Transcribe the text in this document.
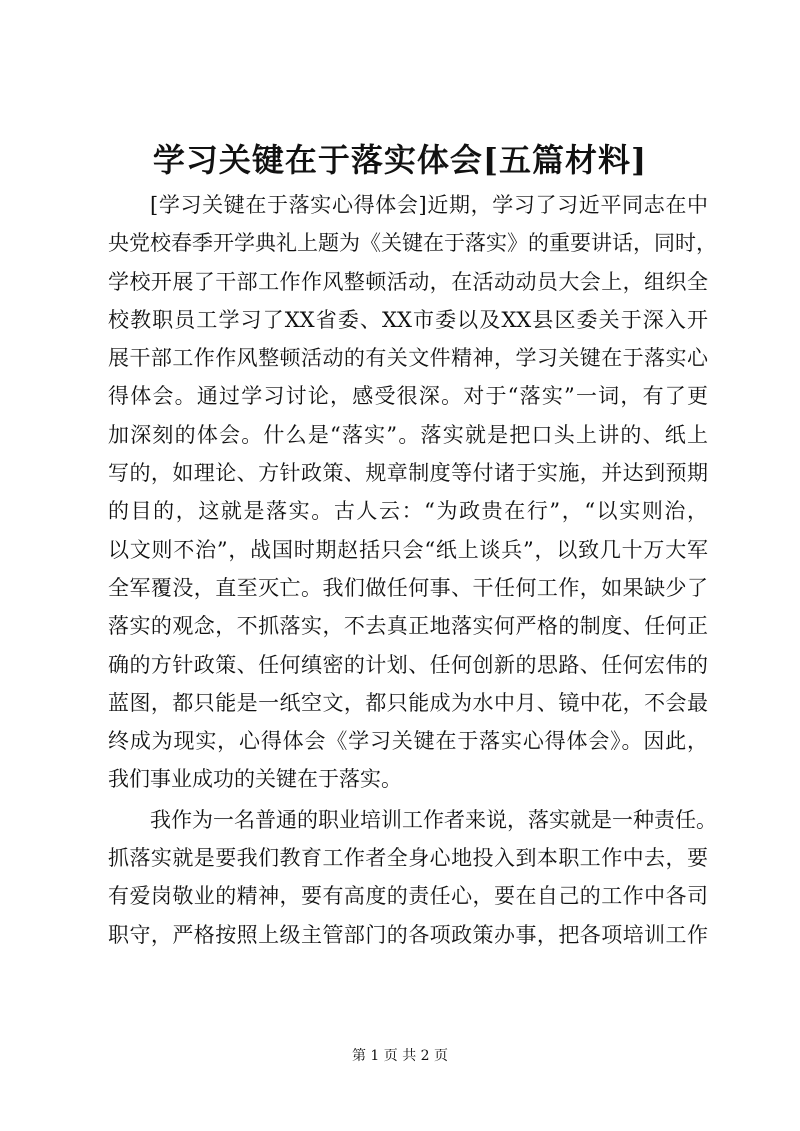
学习关键在于落实体会[五篇材料]
[学习关键在于落实心得体会]近期，学习了习近平同志在中
央党校春季开学典礼上题为《关键在于落实》的重要讲话，同时，
学校开展了干部工作作风整顿活动，在活动动员大会上，组织全
校教职员工学习了XX省委、XX市委以及XX县区委关于深入开
展干部工作作风整顿活动的有关文件精神，学习关键在于落实心
得体会。通过学习讨论，感受很深。对于“落实”一词，有了更
加深刻的体会。什么是“落实”。落实就是把口头上讲的、纸上
写的，如理论、方针政策、规章制度等付诸于实施，并达到预期
的目的，这就是落实。古人云：“为政贵在行”，“以实则治，
以文则不治”，战国时期赵括只会“纸上谈兵”，以致几十万大军
全军覆没，直至灭亡。我们做任何事、干任何工作，如果缺少了
落实的观念，不抓落实，不去真正地落实何严格的制度、任何正
确的方针政策、任何缜密的计划、任何创新的思路、任何宏伟的
蓝图，都只能是一纸空文，都只能成为水中月、镜中花，不会最
终成为现实，心得体会《学习关键在于落实心得体会》。因此，
我们事业成功的关键在于落实。
我作为一名普通的职业培训工作者来说，落实就是一种责任。
抓落实就是要我们教育工作者全身心地投入到本职工作中去，要
有爱岗敬业的精神，要有高度的责任心，要在自己的工作中各司
职守，严格按照上级主管部门的各项政策办事，把各项培训工作
第 1 页 共 2 页
